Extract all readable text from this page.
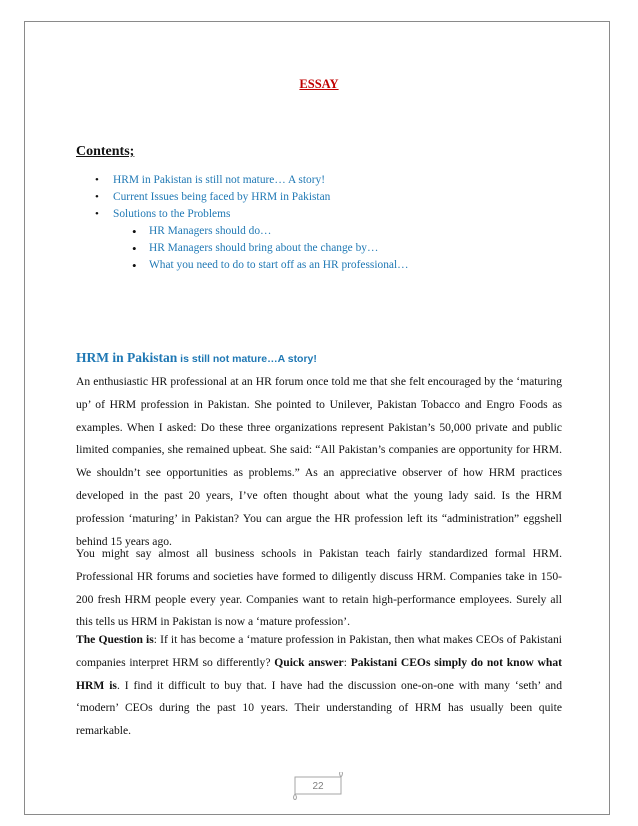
ESSAY
Contents;
• HRM in Pakistan is still not mature… A story!
• Current Issues being faced by HRM in Pakistan
• Solutions to the Problems
• HR Managers should do…
• HR Managers should bring about the change by…
• What you need to do to start off as an HR professional…
HRM in Pakistan is still not mature…A story!

An enthusiastic HR professional at an HR forum once told me that she felt encouraged by the ‘maturing up’ of HRM profession in Pakistan. She pointed to Unilever, Pakistan Tobacco and Engro Foods as examples. When I asked: Do these three organizations represent Pakistan’s 50,000 private and public limited companies, she remained upbeat. She said: “All Pakistan’s companies are opportunity for HRM. We shouldn’t see opportunities as problems.” As an appreciative observer of how HRM practices developed in the past 20 years, I’ve often thought about what the young lady said. Is the HRM profession ‘maturing’ in Pakistan? You can argue the HR profession left its “administration” eggshell behind 15 years ago.

You might say almost all business schools in Pakistan teach fairly standardized formal HRM. Professional HR forums and societies have formed to diligently discuss HRM. Companies take in 150-200 fresh HRM people every year. Companies want to retain high-performance employees. Surely all this tells us HRM in Pakistan is now a ‘mature profession’.

The Question is: If it has become a ‘mature profession in Pakistan, then what makes CEOs of Pakistani companies interpret HRM so differently? Quick answer: Pakistani CEOs simply do not know what HRM is. I find it difficult to buy that. I have had the discussion one-on-one with many ‘seth’ and ‘modern’ CEOs during the past 10 years. Their understanding of HRM has usually been quite remarkable.

22
